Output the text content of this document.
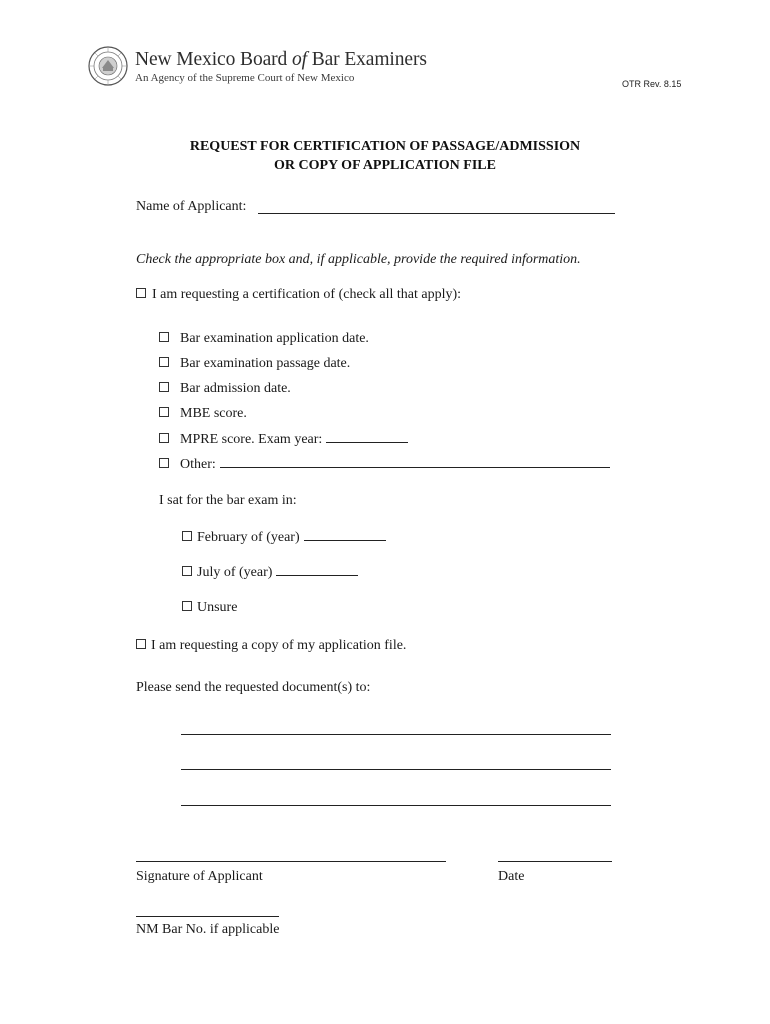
New Mexico Board of Bar Examiners
An Agency of the Supreme Court of New Mexico	OTR Rev. 8.15
REQUEST FOR CERTIFICATION OF PASSAGE/ADMISSION
OR COPY OF APPLICATION FILE
Name of Applicant:
Check the appropriate box and, if applicable, provide the required information.
I am requesting a certification of (check all that apply):
Bar examination application date.
Bar examination passage date.
Bar admission date.
MBE score.
MPRE score. Exam year:
Other:
I sat for the bar exam in:
February of (year)
July of (year)
Unsure
I am requesting a copy of my application file.
Please send the requested document(s) to:
Signature of Applicant	Date
NM Bar No. if applicable
